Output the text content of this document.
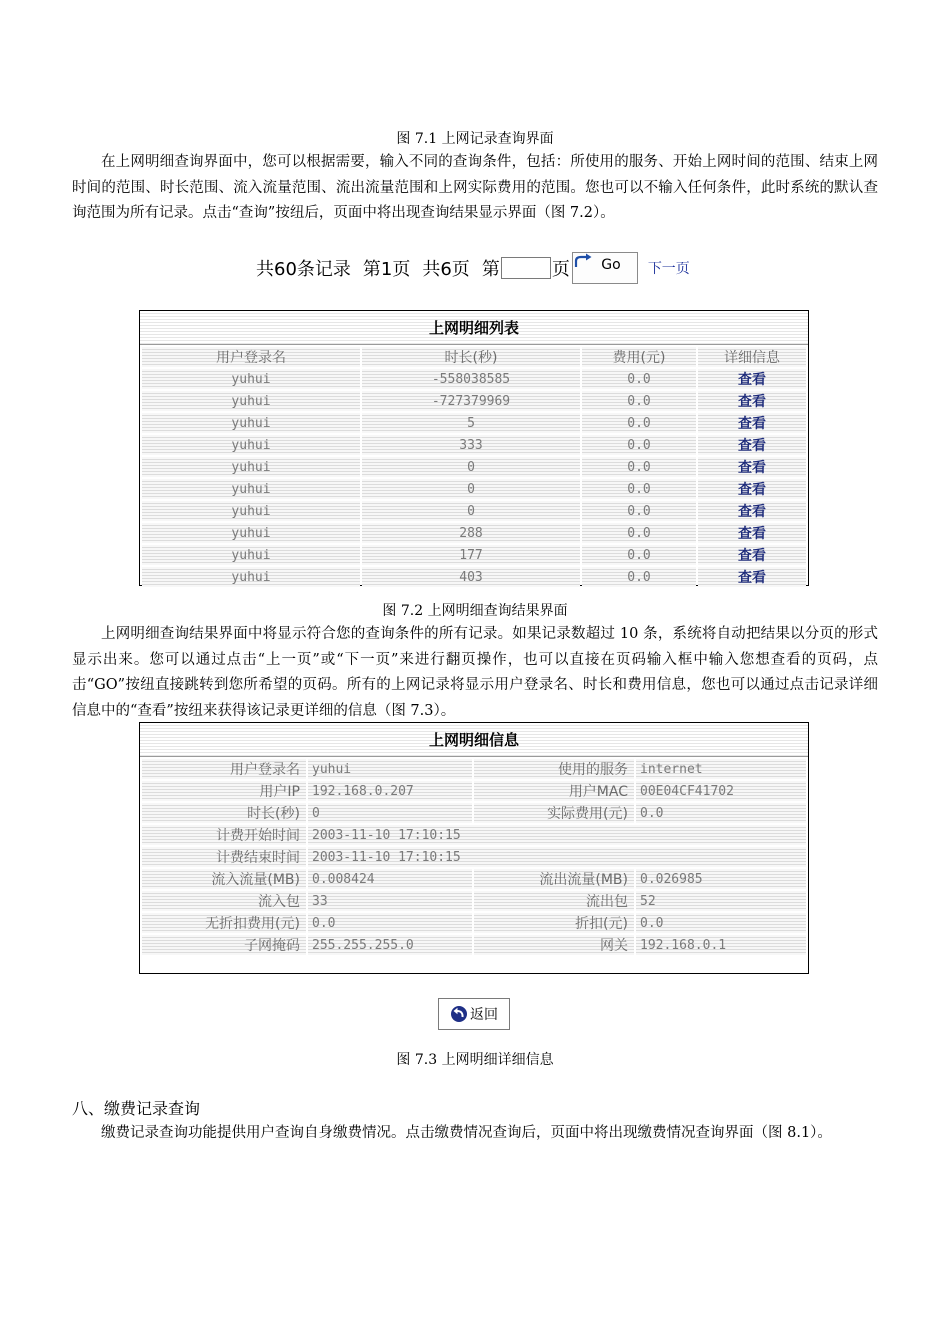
图 7.1 上网记录查询界面

在上网明细查询界面中，您可以根据需要，输入不同的查询条件，包括：所使用的服务、开始上网时间的范围、结束上网时间的范围、时长范围、流入流量范围、流出流量范围和上网实际费用的范围。您也可以不输入任何条件，此时系统的默认查询范围为所有记录。点击“查询”按纽后，页面中将出现查询结果显示界面（图 7.2）。

共60条记录 第1页 共6页 第	页	Go	下一页
上网明细列表
用户登录名	时长(秒)	费用(元)	详细信息
yuhui	-558038585	0.0	查看
yuhui	-727379969	0.0	查看
yuhui	5	0.0	查看
yuhui	333	0.0	查看
yuhui	0	0.0	查看
yuhui	0	0.0	查看
yuhui	0	0.0	查看
yuhui	288	0.0	查看
yuhui	177	0.0	查看
yuhui	403	0.0	查看
图 7.2 上网明细查询结果界面

上网明细查询结果界面中将显示符合您的查询条件的所有记录。如果记录数超过 10 条，系统将自动把结果以分页的形式显示出来。您可以通过点击“上一页”或“下一页”来进行翻页操作，也可以直接在页码输入框中输入您想查看的页码，点击“GO”按纽直接跳转到您所希望的页码。所有的上网记录将显示用户登录名、时长和费用信息，您也可以通过点击记录详细信息中的“查看”按纽来获得该记录更详细的信息（图 7.3）。

上网明细信息
用户登录名	yuhui	使用的服务	internet
用户IP	192.168.0.207	用户MAC	00E04CF41702
时长(秒)	0	实际费用(元)	0.0
计费开始时间	2003-11-10 17:10:15		
计费结束时间	2003-11-10 17:10:15		
流入流量(MB)	0.008424	流出流量(MB)	0.026985
流入包	33	流出包	52
无折扣费用(元)	0.0	折扣(元)	0.0
子网掩码	255.255.255.0	网关	192.168.0.1
返回
图 7.3 上网明细详细信息
八、缴费记录查询

缴费记录查询功能提供用户查询自身缴费情况。点击缴费情况查询后，页面中将出现缴费情况查询界面（图 8.1）。
